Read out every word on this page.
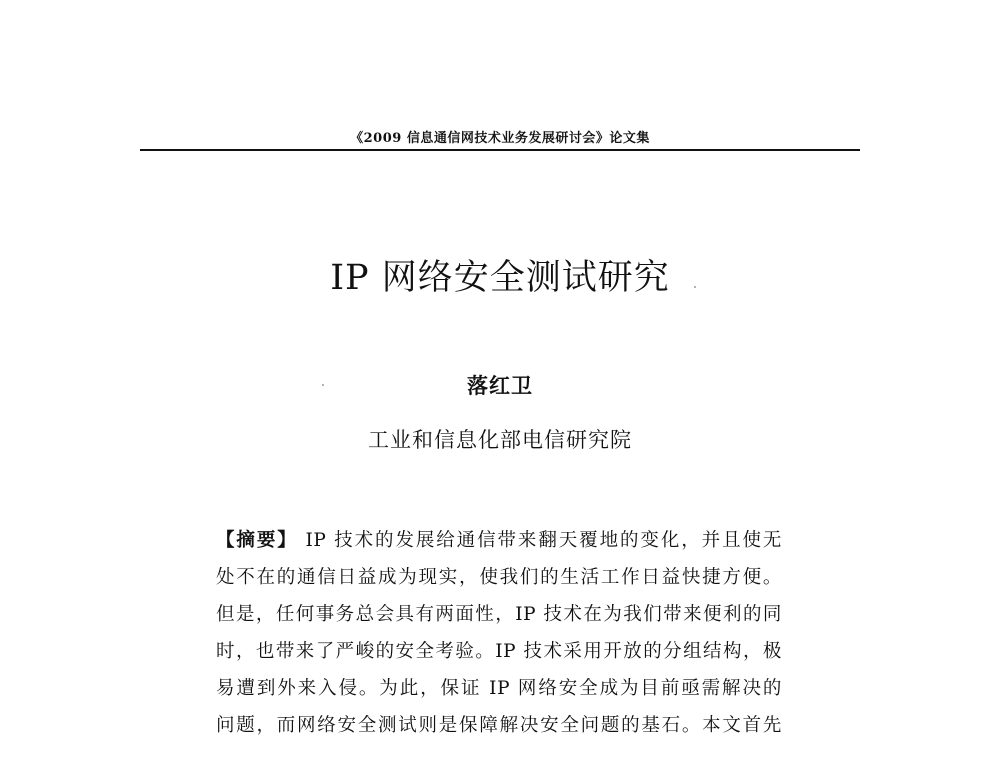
《2009 信息通信网技术业务发展研讨会》论文集
IP 网络安全测试研究
落红卫
工业和信息化部电信研究院
【摘要】 IP 技术的发展给通信带来翻天覆地的变化，并且使无
处不在的通信日益成为现实，使我们的生活工作日益快捷方便。
但是，任何事务总会具有两面性，IP 技术在为我们带来便利的同
时，也带来了严峻的安全考验。IP 技术采用开放的分组结构，极
易遭到外来入侵。为此，保证 IP 网络安全成为目前亟需解决的
问题，而网络安全测试则是保障解决安全问题的基石。本文首先
